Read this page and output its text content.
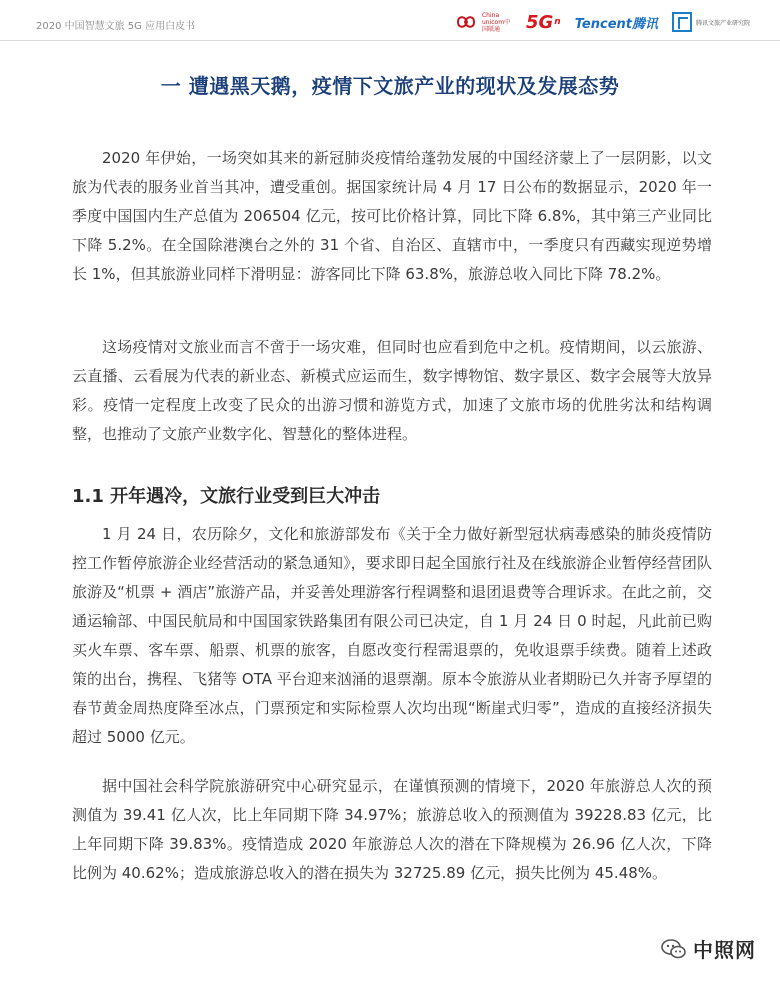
2020 中国智慧文旅 5G 应用白皮书
China unicom中国联通	5G n Tencent腾讯	腾讯文旅产业研究院
一 遭遇黑天鹅，疫情下文旅产业的现状及发展态势
2020 年伊始，一场突如其来的新冠肺炎疫情给蓬勃发展的中国经济蒙上了一层阴影，以文旅为代表的服务业首当其冲，遭受重创。据国家统计局 4 月 17 日公布的数据显示，2020 年一季度中国国内生产总值为 206504 亿元，按可比价格计算，同比下降 6.8%，其中第三产业同比下降 5.2%。在全国除港澳台之外的 31 个省、自治区、直辖市中，一季度只有西藏实现逆势增长 1%，但其旅游业同样下滑明显：游客同比下降 63.8%，旅游总收入同比下降 78.2%。
这场疫情对文旅业而言不啻于一场灾难，但同时也应看到危中之机。疫情期间，以云旅游、云直播、云看展为代表的新业态、新模式应运而生，数字博物馆、数字景区、数字会展等大放异彩。疫情一定程度上改变了民众的出游习惯和游览方式，加速了文旅市场的优胜劣汰和结构调整，也推动了文旅产业数字化、智慧化的整体进程。
1.1 开年遇冷，文旅行业受到巨大冲击
1 月 24 日，农历除夕，文化和旅游部发布《关于全力做好新型冠状病毒感染的肺炎疫情防控工作暂停旅游企业经营活动的紧急通知》，要求即日起全国旅行社及在线旅游企业暂停经营团队旅游及“机票 + 酒店”旅游产品，并妥善处理游客行程调整和退团退费等合理诉求。在此之前，交通运输部、中国民航局和中国国家铁路集团有限公司已决定，自 1 月 24 日 0 时起，凡此前已购买火车票、客车票、船票、机票的旅客，自愿改变行程需退票的，免收退票手续费。随着上述政策的出台，携程、飞猪等 OTA 平台迎来汹涌的退票潮。原本令旅游从业者期盼已久并寄予厚望的春节黄金周热度降至冰点，门票预定和实际检票人次均出现“断崖式归零”，造成的直接经济损失超过 5000 亿元。
据中国社会科学院旅游研究中心研究显示，在谨慎预测的情境下，2020 年旅游总人次的预测值为 39.41 亿人次，比上年同期下降 34.97%；旅游总收入的预测值为 39228.83 亿元，比上年同期下降 39.83%。疫情造成 2020 年旅游总人次的潜在下降规模为 26.96 亿人次，下降比例为 40.62%；造成旅游总收入的潜在损失为 32725.89 亿元，损失比例为 45.48%。
中照网
